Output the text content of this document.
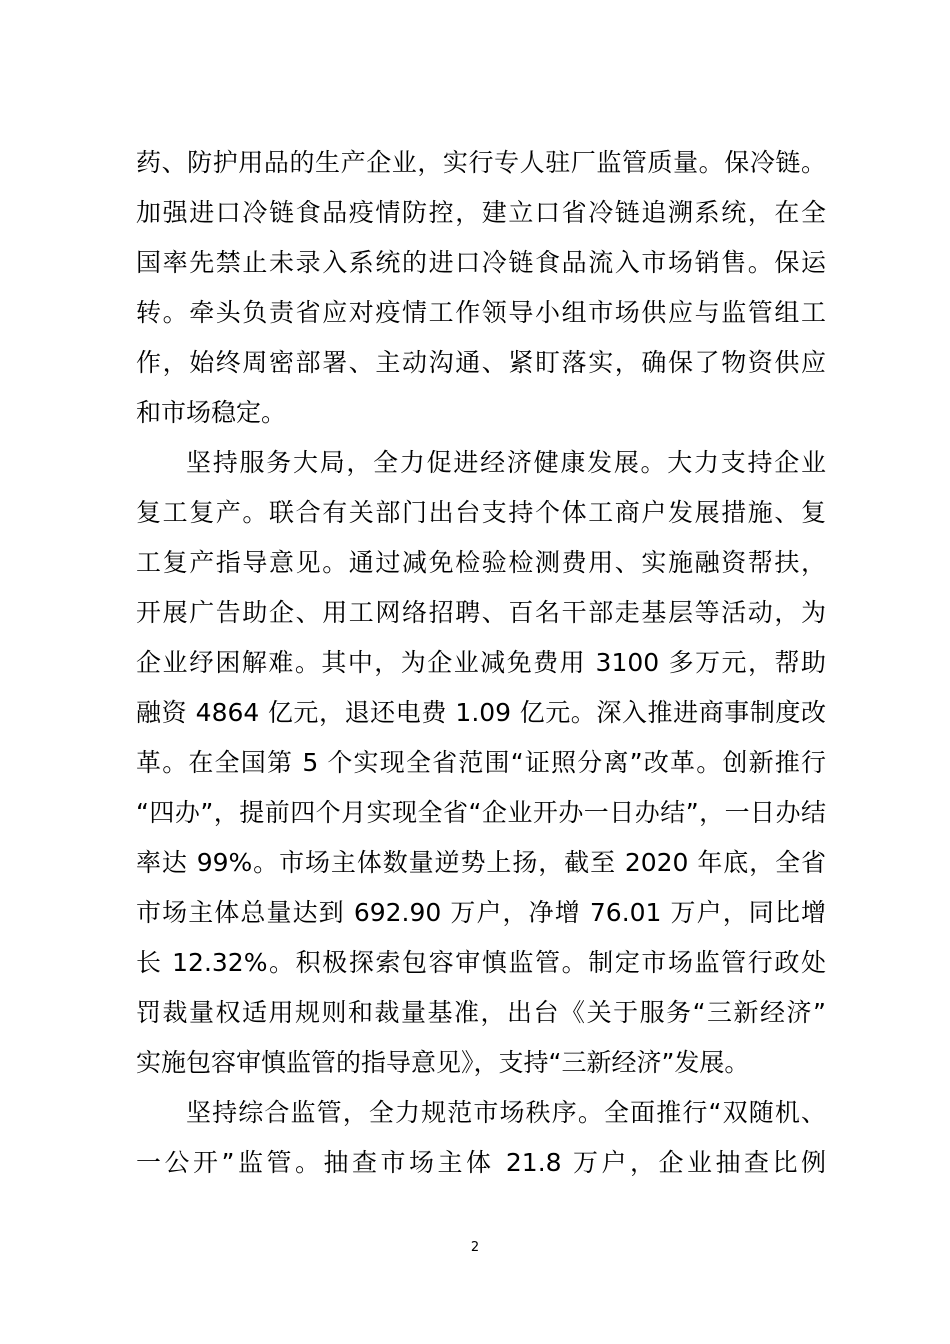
药、防护用品的生产企业，实行专人驻厂监管质量。保冷链。
加强进口冷链食品疫情防控，建立口省冷链追溯系统，在全
国率先禁止未录入系统的进口冷链食品流入市场销售。保运
转。牵头负责省应对疫情工作领导小组市场供应与监管组工
作，始终周密部署、主动沟通、紧盯落实，确保了物资供应
和市场稳定。
坚持服务大局，全力促进经济健康发展。大力支持企业
复工复产。联合有关部门出台支持个体工商户发展措施、复
工复产指导意见。通过减免检验检测费用、实施融资帮扶，
开展广告助企、用工网络招聘、百名干部走基层等活动，为
企业纾困解难。其中，为企业减免费用 3100 多万元，帮助
融资 4864 亿元，退还电费 1.09 亿元。深入推进商事制度改
革。在全国第 5 个实现全省范围“证照分离”改革。创新推行
“四办”，提前四个月实现全省“企业开办一日办结”，一日办结
率达 99%。市场主体数量逆势上扬，截至 2020 年底，全省
市场主体总量达到 692.90 万户，净增 76.01 万户，同比增
长 12.32%。积极探索包容审慎监管。制定市场监管行政处
罚裁量权适用规则和裁量基准，出台《关于服务“三新经济”
实施包容审慎监管的指导意见》，支持“三新经济”发展。
坚持综合监管，全力规范市场秩序。全面推行“双随机、
一公开”监管。抽查市场主体 21.8 万户，企业抽查比例
2
